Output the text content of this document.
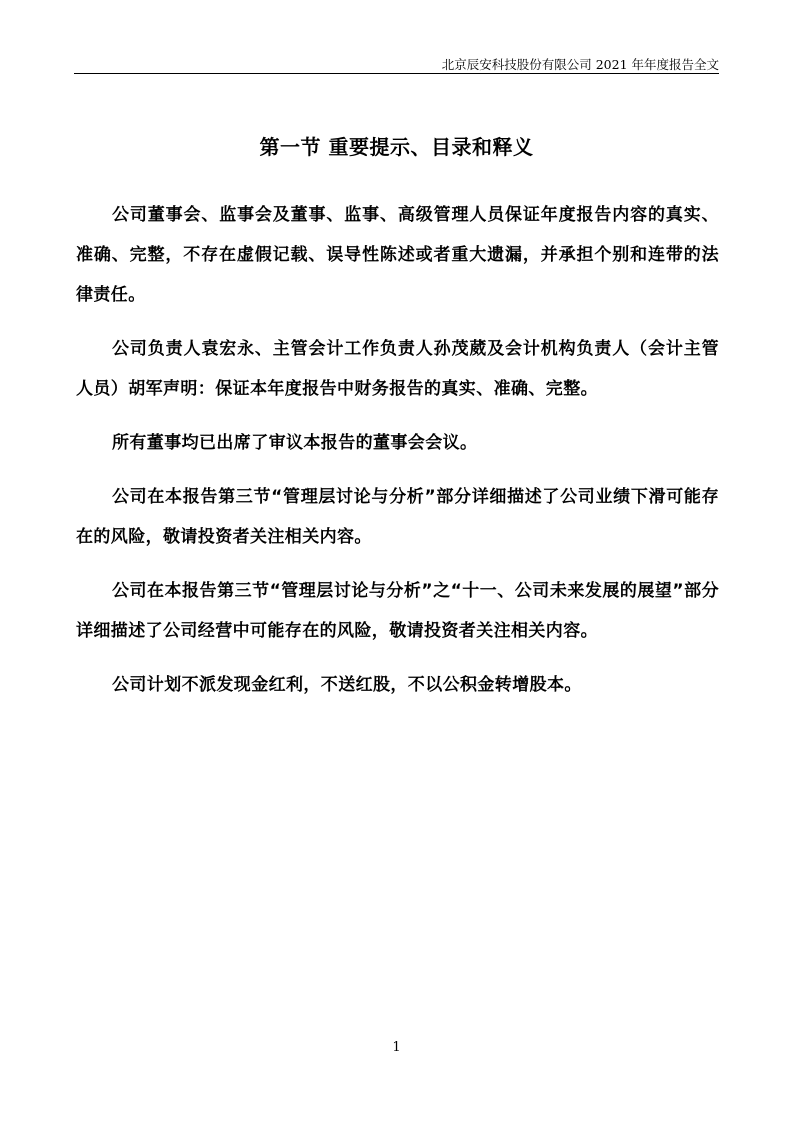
北京辰安科技股份有限公司 2021 年年度报告全文
第一节 重要提示、目录和释义

公司董事会、监事会及董事、监事、高级管理人员保证年度报告内容的真实、准确、完整，不存在虚假记载、误导性陈述或者重大遗漏，并承担个别和连带的法律责任。

公司负责人袁宏永、主管会计工作负责人孙茂葳及会计机构负责人（会计主管人员）胡军声明：保证本年度报告中财务报告的真实、准确、完整。

所有董事均已出席了审议本报告的董事会会议。

公司在本报告第三节“管理层讨论与分析”部分详细描述了公司业绩下滑可能存在的风险，敬请投资者关注相关内容。

公司在本报告第三节“管理层讨论与分析”之“十一、公司未来发展的展望”部分详细描述了公司经营中可能存在的风险，敬请投资者关注相关内容。

公司计划不派发现金红利，不送红股，不以公积金转增股本。

1
